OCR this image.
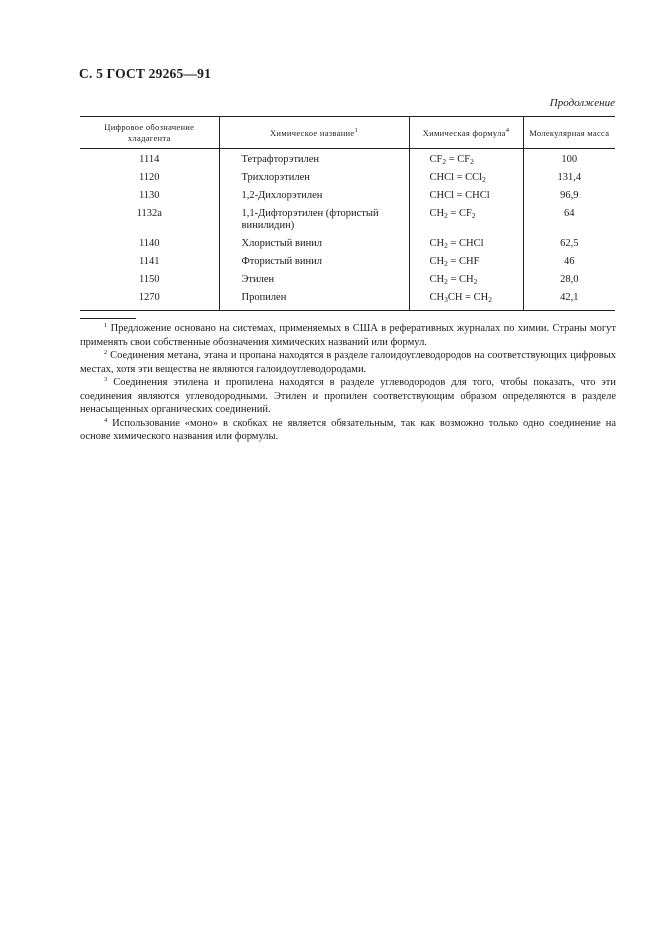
С. 5 ГОСТ 29265—91
Продолжение
Цифровое обозначение хладагента	Химическое название$^1$	Химическая формула$^4$	Молекулярная масса
1114	Тетрафторэтилен	$CF_2 = CF_2$	100
1120	Трихлорэтилен	CHCl = CCl$_2$	131,4
1130	1,2-Дихлорэтилен	CHCl = CHCl	96,9
1132a	1,1-Дифторэтилен (фтористый винилидин)	$CH_2 = CF_2$	64
1140	Хлористый винил	$CH_2$ = CHCl	62,5
1141	Фтористый винил	$CH_2$ = CHF	46
1150	Этилен	$CH_2 = CH_2$	28,0
1270	Пропилен	$CH_3CH = CH_2$	42,1

$^1$ Предложение основано на системах, применяемых в США в реферативных журналах по химии. Страны могут применять свои собственные обозначения химических названий или формул.

$^2$ Соединения метана, этана и пропана находятся в разделе галоидоуглеводородов на соответствующих цифровых местах, хотя эти вещества не являются галоидоуглеводородами.

$^3$ Соединения этилена и пропилена находятся в разделе углеводородов для того, чтобы показать, что эти соединения являются углеводородными. Этилен и пропилен соответствующим образом определяются в разделе ненасыщенных органических соединений.

$^4$ Использование «моно» в скобках не является обязательным, так как возможно только одно соединение на основе химического названия или формулы.
